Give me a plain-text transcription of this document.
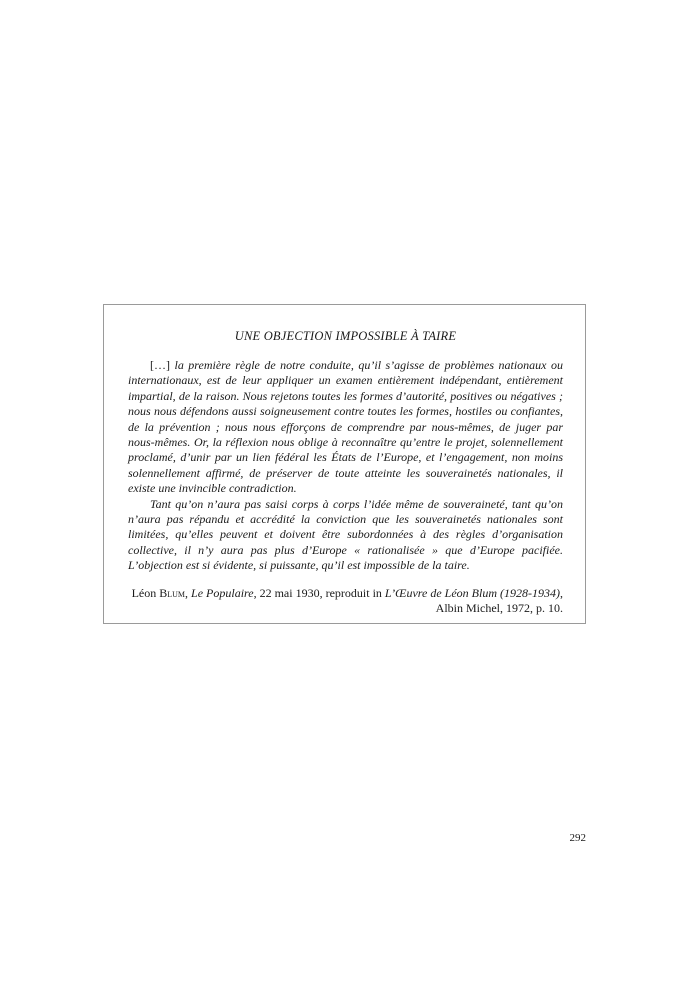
UNE OBJECTION IMPOSSIBLE À TAIRE

[…] la première règle de notre conduite, qu’il s’agisse de problèmes nationaux ou internationaux, est de leur appliquer un examen entièrement indépendant, entièrement impartial, de la raison. Nous rejetons toutes les formes d’autorité, positives ou négatives ; nous nous défendons aussi soigneusement contre toutes les formes, hostiles ou confiantes, de la prévention ; nous nous efforçons de comprendre par nous-mêmes, de juger par nous-mêmes. Or, la réflexion nous oblige à reconnaître qu’entre le projet, solennellement proclamé, d’unir par un lien fédéral les États de l’Europe, et l’engagement, non moins solennellement affirmé, de préserver de toute atteinte les souverainetés nationales, il existe une invincible contradiction.

Tant qu’on n’aura pas saisi corps à corps l’idée même de souveraineté, tant qu’on n’aura pas répandu et accrédité la conviction que les souverainetés nationales sont limitées, qu’elles peuvent et doivent être subordonnées à des règles d’organisation collective, il n’y aura pas plus d’Europe « rationalisée » que d’Europe pacifiée. L’objection est si évidente, si puissante, qu’il est impossible de la taire.

Léon Blum, Le Populaire, 22 mai 1930, reproduit in L’Œuvre de Léon Blum (1928-1934), Albin Michel, 1972, p. 10.
292
